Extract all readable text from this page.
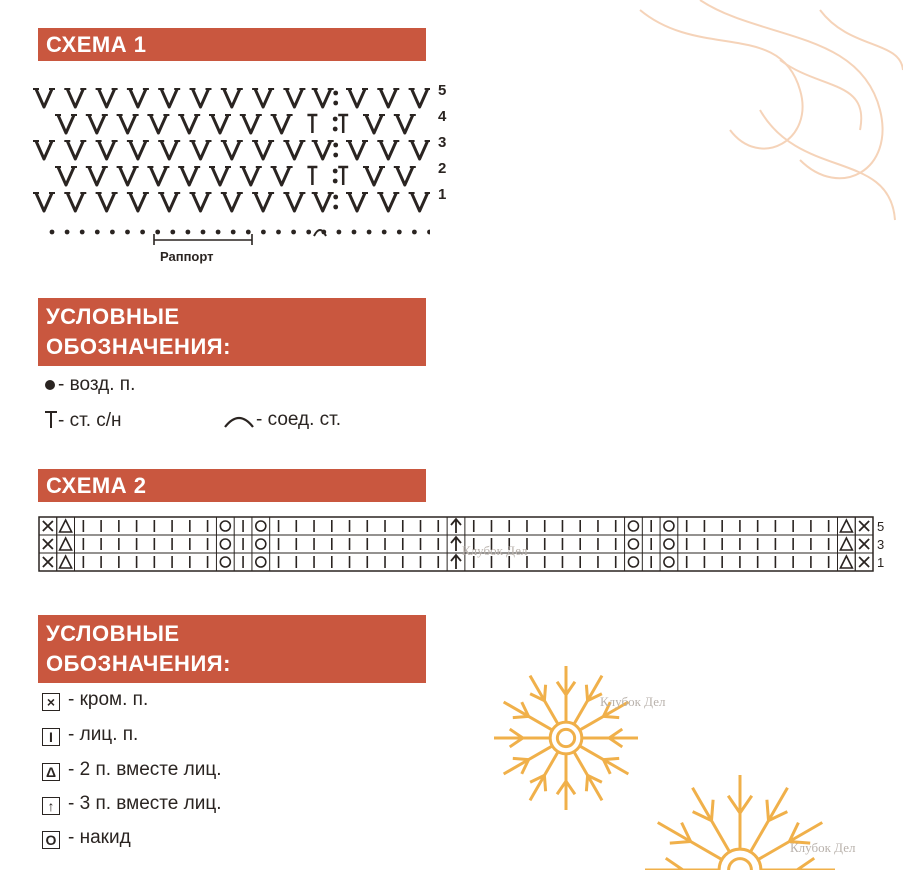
СХЕМА 1
5
4
3
2
1
Раппорт
УСЛОВНЫЕ
ОБОЗНАЧЕНИЯ:
- возд. п.
- ст. с/н	- соед. ст.
СХЕМА 2
5
3
1
УСЛОВНЫЕ
ОБОЗНАЧЕНИЯ:
× - кром. п.
I - лиц. п.
Δ - 2 п. вместе лиц.
↑ - 3 п. вместе лиц.
O - накид
Клубок Дел
Клубок Дел
Клубок Дел
